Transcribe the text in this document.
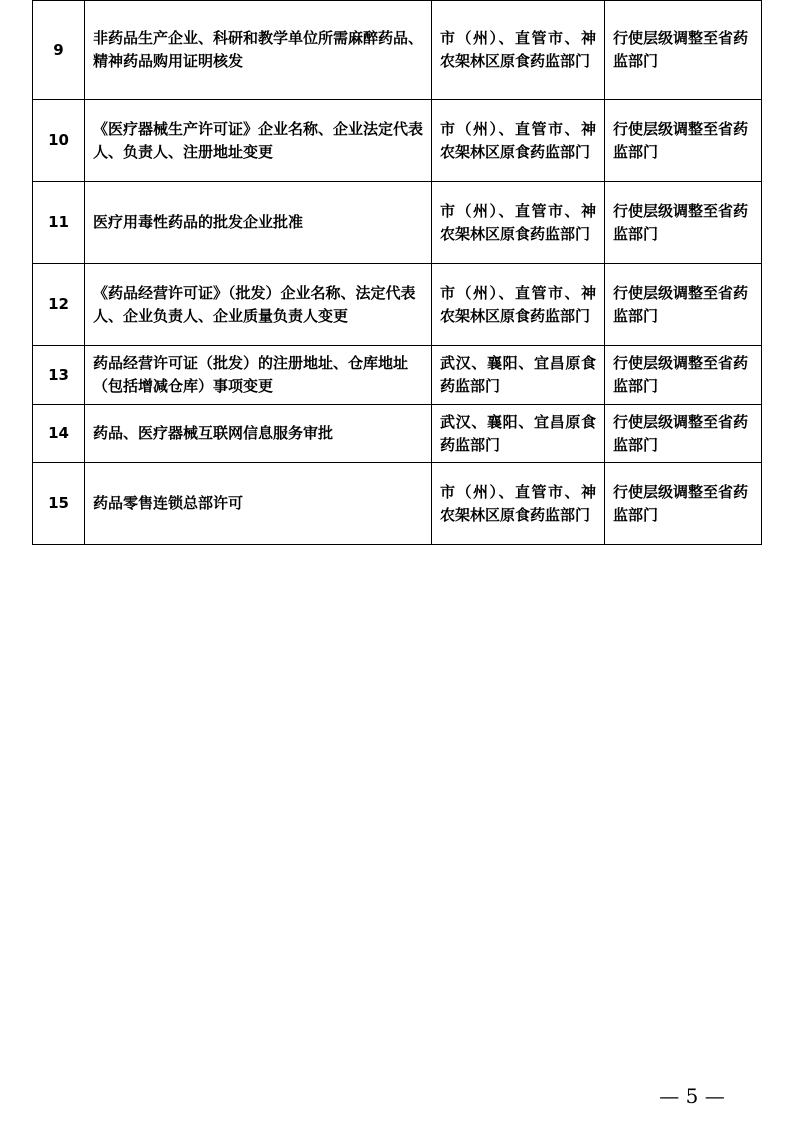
9	非药品生产企业、科研和教学单位所需麻醉药品、精神药品购用证明核发	市（州）、直管市、神农架林区原食药监部门	行使层级调整至省药监部门
10	《医疗器械生产许可证》企业名称、企业法定代表人、负责人、注册地址变更	市（州）、直管市、神农架林区原食药监部门	行使层级调整至省药监部门
11	医疗用毒性药品的批发企业批准	市（州）、直管市、神农架林区原食药监部门	行使层级调整至省药监部门
12	《药品经营许可证》（批发）企业名称、法定代表人、企业负责人、企业质量负责人变更	市（州）、直管市、神农架林区原食药监部门	行使层级调整至省药监部门
13	药品经营许可证（批发）的注册地址、仓库地址（包括增减仓库）事项变更	武汉、襄阳、宜昌原食药监部门	行使层级调整至省药监部门
14	药品、医疗器械互联网信息服务审批	武汉、襄阳、宜昌原食药监部门	行使层级调整至省药监部门
15	药品零售连锁总部许可	市（州）、直管市、神农架林区原食药监部门	行使层级调整至省药监部门
— 5 —
